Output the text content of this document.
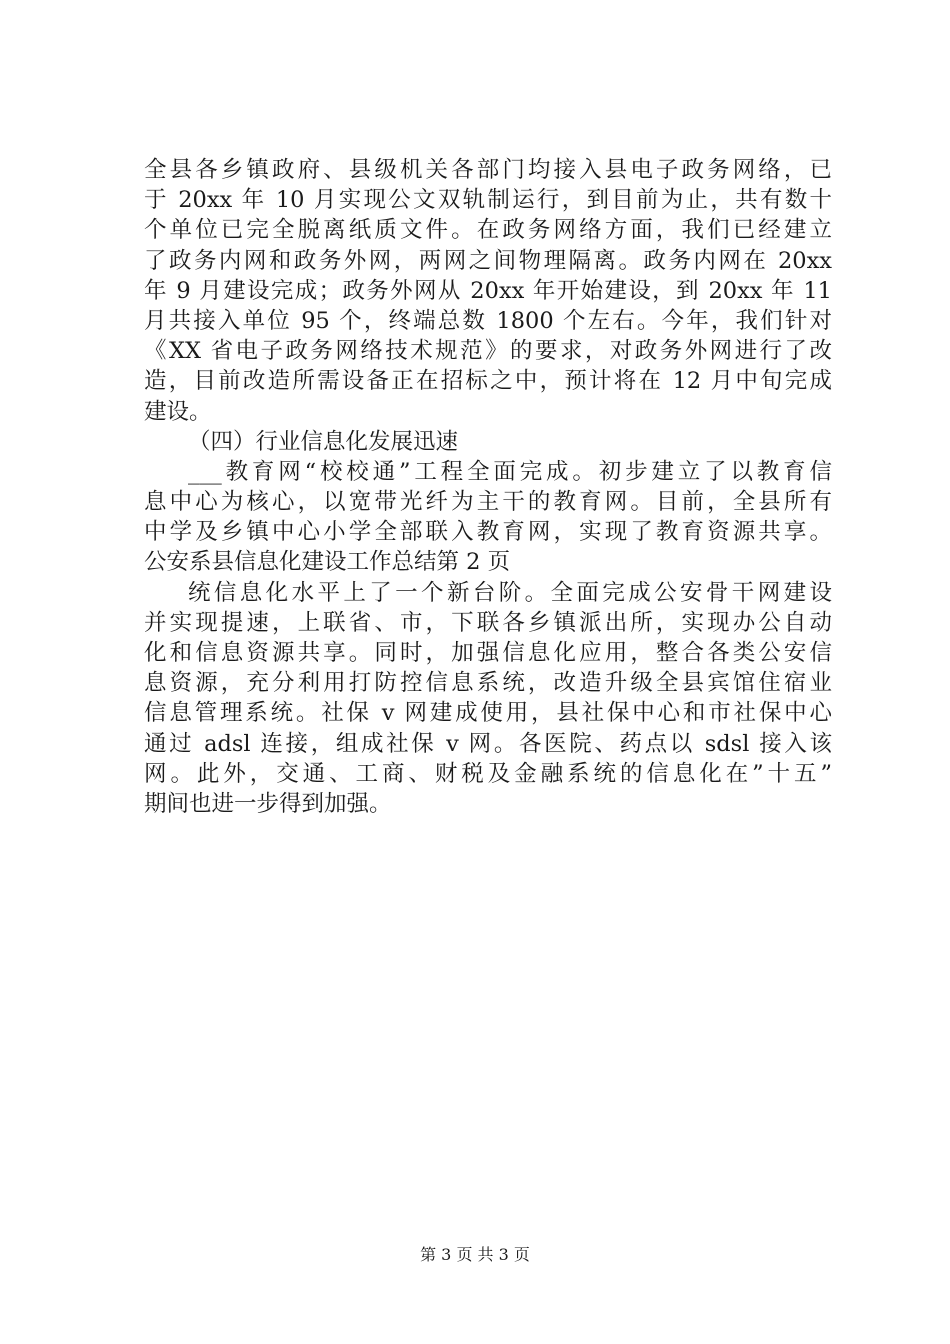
全县各乡镇政府、县级机关各部门均接入县电子政务网络，已
于 20xx 年 10 月实现公文双轨制运行，到目前为止，共有数十
个单位已完全脱离纸质文件。在政务网络方面，我们已经建立
了政务内网和政务外网，两网之间物理隔离。政务内网在 20xx
年 9 月建设完成；政务外网从 20xx 年开始建设，到 20xx 年 11
月共接入单位 95 个，终端总数 1800 个左右。今年，我们针对
《XX 省电子政务网络技术规范》的要求，对政务外网进行了改
造，目前改造所需设备正在招标之中，预计将在 12 月中旬完成
建设。
（四）行业信息化发展迅速
___教育网“校校通”工程全面完成。初步建立了以教育信
息中心为核心，以宽带光纤为主干的教育网。目前，全县所有
中学及乡镇中心小学全部联入教育网，实现了教育资源共享。
公安系县信息化建设工作总结第 2 页
统信息化水平上了一个新台阶。全面完成公安骨干网建设
并实现提速，上联省、市，下联各乡镇派出所，实现办公自动
化和信息资源共享。同时，加强信息化应用，整合各类公安信
息资源，充分利用打防控信息系统，改造升级全县宾馆住宿业
信息管理系统。社保 v 网建成使用，县社保中心和市社保中心
通过 adsl 连接，组成社保 v 网。各医院、药点以 sdsl 接入该
网。此外，交通、工商、财税及金融系统的信息化在”十五”
期间也进一步得到加强。
第 3 页 共 3 页
